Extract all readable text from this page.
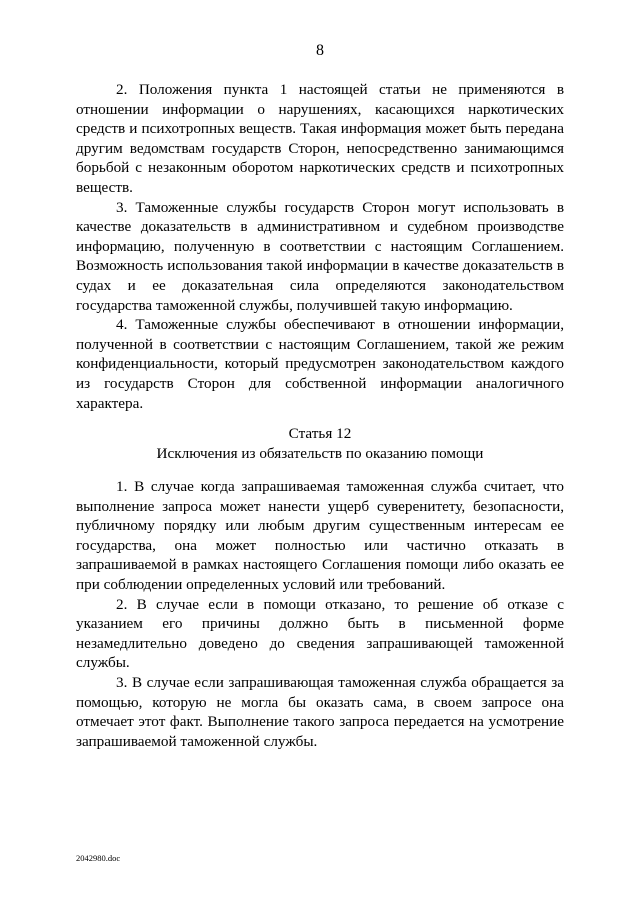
8

2. Положения пункта 1 настоящей статьи не применяются в отношении информации о нарушениях, касающихся наркотических средств и психотропных веществ. Такая информация может быть передана другим ведомствам государств Сторон, непосредственно занимающимся борьбой с незаконным оборотом наркотических средств и психотропных веществ.

3. Таможенные службы государств Сторон могут использовать в качестве доказательств в административном и судебном производстве информацию, полученную в соответствии с настоящим Соглашением. Возможность использования такой информации в качестве доказательств в судах и ее доказательная сила определяются законодательством государства таможенной службы, получившей такую информацию.

4. Таможенные службы обеспечивают в отношении информации, полученной в соответствии с настоящим Соглашением, такой же режим конфиденциальности, который предусмотрен законодательством каждого из государств Сторон для собственной информации аналогичного характера.

Статья 12
Исключения из обязательств по оказанию помощи

1. В случае когда запрашиваемая таможенная служба считает, что выполнение запроса может нанести ущерб суверенитету, безопасности, публичному порядку или любым другим существенным интересам ее государства, она может полностью или частично отказать в запрашиваемой в рамках настоящего Соглашения помощи либо оказать ее при соблюдении определенных условий или требований.

2. В случае если в помощи отказано, то решение об отказе с указанием его причины должно быть в письменной форме незамедлительно доведено до сведения запрашивающей таможенной службы.

3. В случае если запрашивающая таможенная служба обращается за помощью, которую не могла бы оказать сама, в своем запросе она отмечает этот факт. Выполнение такого запроса передается на усмотрение запрашиваемой таможенной службы.

2042980.doc
